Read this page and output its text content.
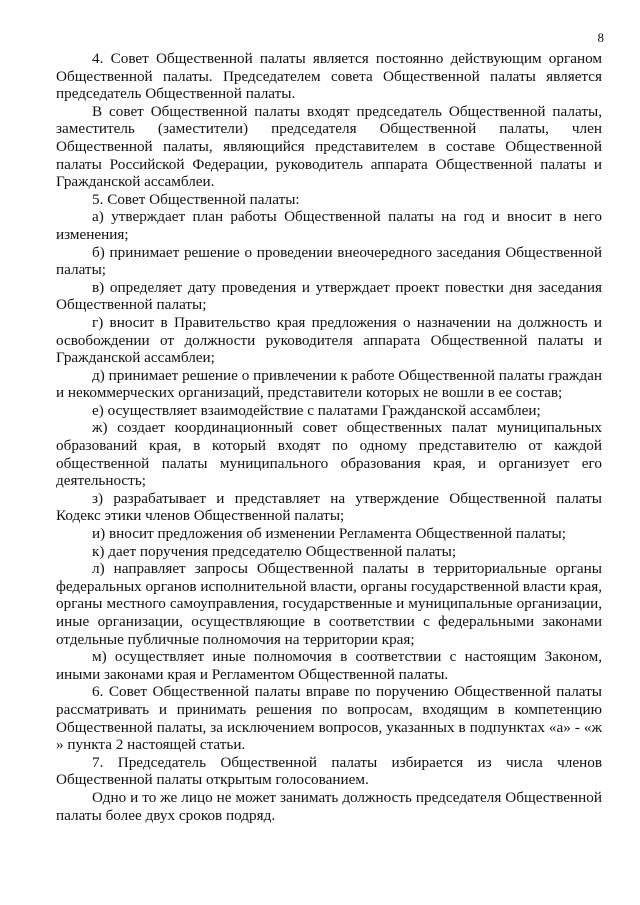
8

4. Совет Общественной палаты является постоянно действующим органом Общественной палаты. Председателем совета Общественной палаты является председатель Общественной палаты.

В совет Общественной палаты входят председатель Общественной палаты, заместитель (заместители) председателя Общественной палаты, член Общественной палаты, являющийся представителем в составе Общественной палаты Российской Федерации, руководитель аппарата Общественной палаты и Гражданской ассамблеи.

5. Совет Общественной палаты:

а) утверждает план работы Общественной палаты на год и вносит в него изменения;

б) принимает решение о проведении внеочередного заседания Общественной палаты;

в) определяет дату проведения и утверждает проект повестки дня заседания Общественной палаты;

г) вносит в Правительство края предложения о назначении на должность и освобождении от должности руководителя аппарата Общественной палаты и Гражданской ассамблеи;

д) принимает решение о привлечении к работе Общественной палаты граждан и некоммерческих организаций, представители которых не вошли в ее состав;

е) осуществляет взаимодействие с палатами Гражданской ассамблеи;

ж) создает координационный совет общественных палат муниципальных образований края, в который входят по одному представителю от каждой общественной палаты муниципального образования края, и организует его деятельность;

з) разрабатывает и представляет на утверждение Общественной палаты Кодекс этики членов Общественной палаты;

и) вносит предложения об изменении Регламента Общественной палаты;

к) дает поручения председателю Общественной палаты;

л) направляет запросы Общественной палаты в территориальные органы федеральных органов исполнительной власти, органы государственной власти края, органы местного самоуправления, государственные и муниципальные организации, иные организации, осуществляющие в соответствии с федеральными законами отдельные публичные полномочия на территории края;

м) осуществляет иные полномочия в соответствии с настоящим Законом, иными законами края и Регламентом Общественной палаты.

6. Совет Общественной палаты вправе по поручению Общественной палаты рассматривать и принимать решения по вопросам, входящим в компетенцию Общественной палаты, за исключением вопросов, указанных в подпунктах «а» - «ж » пункта 2 настоящей статьи.

7. Председатель Общественной палаты избирается из числа членов Общественной палаты открытым голосованием.

Одно и то же лицо не может занимать должность председателя Общественной палаты более двух сроков подряд.
